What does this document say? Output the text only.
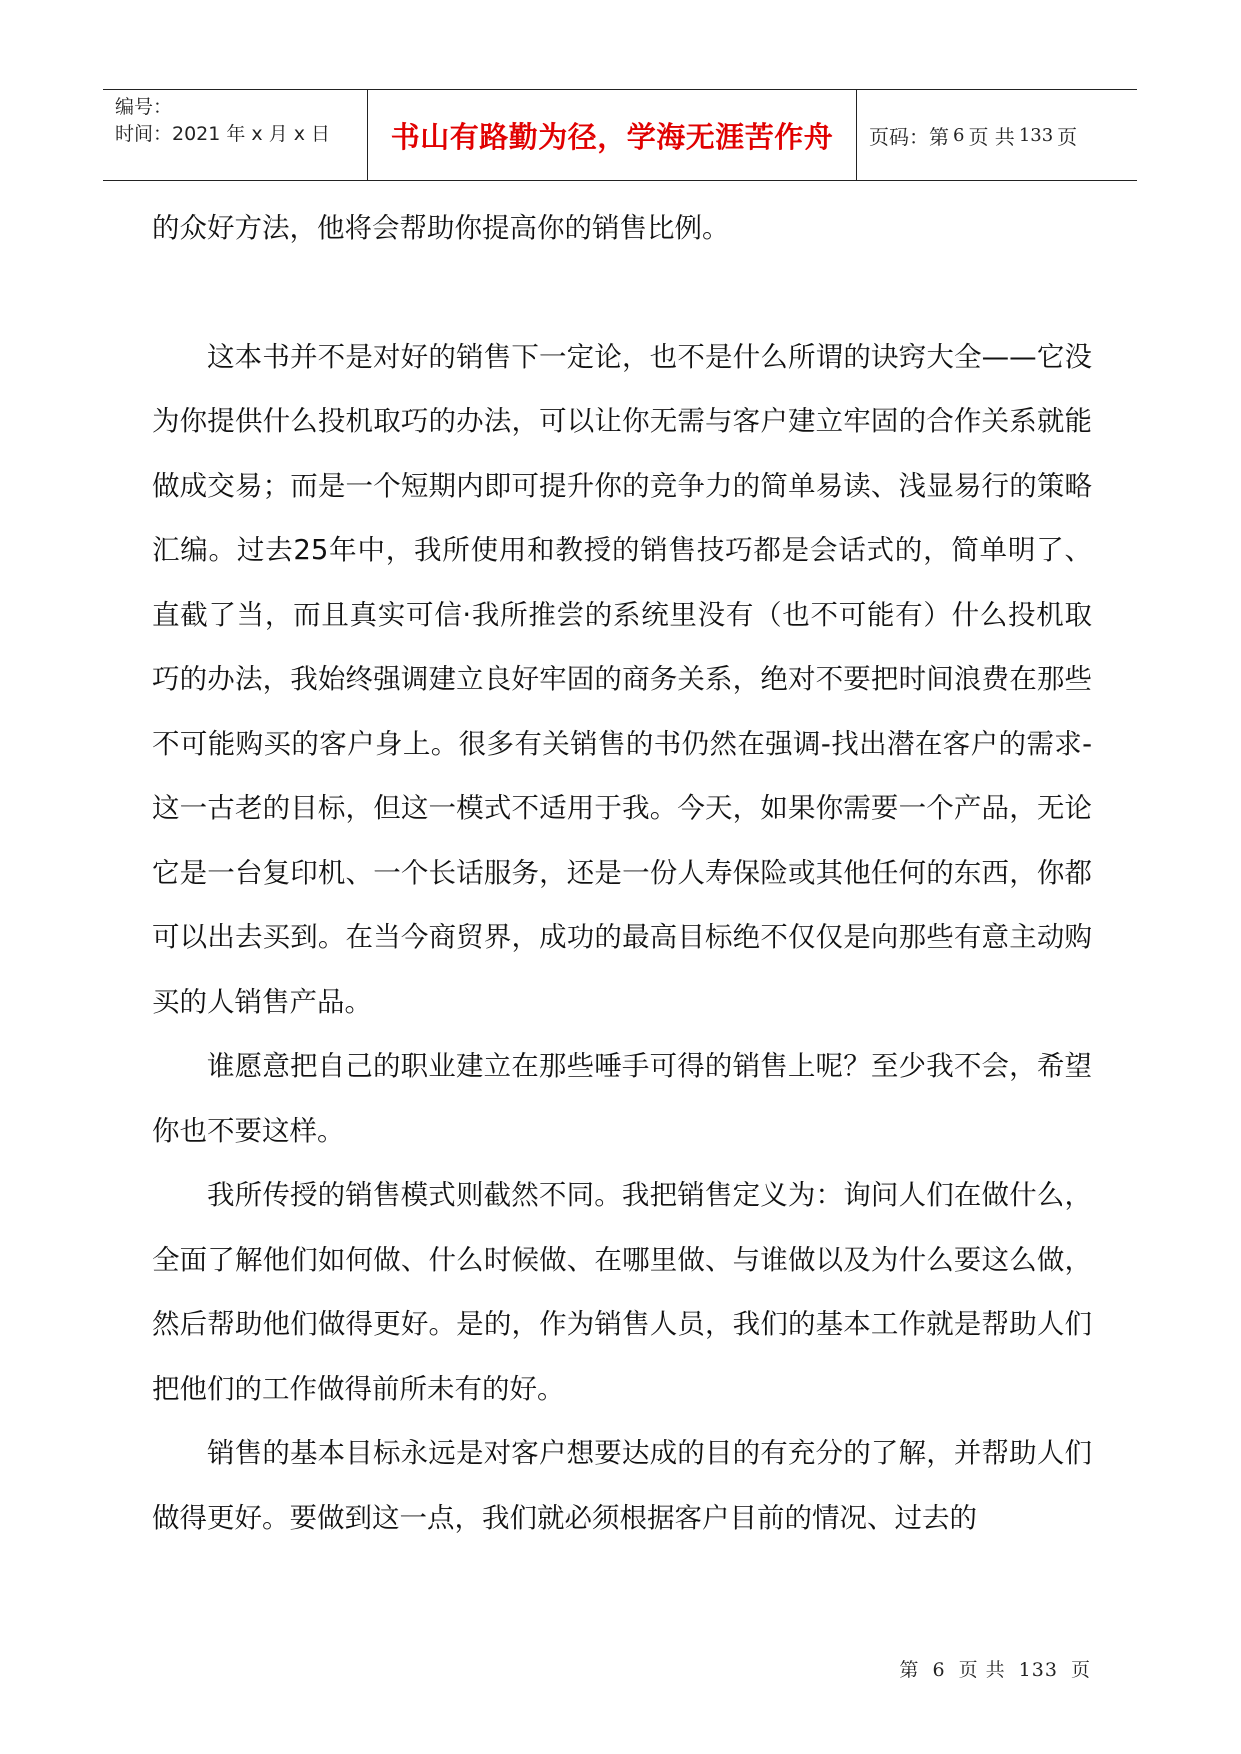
编号：
时间：2021 年 x 月 x 日	书山有路勤为径，学海无涯苦作舟	页码：第 6 页 共 133 页

的众好方法，他将会帮助你提高你的销售比例。

这本书并不是对好的销售下一定论，也不是什么所谓的诀窍大全——它没为你提供什么投机取巧的办法，可以让你无需与客户建立牢固的合作关系就能做成交易；而是一个短期内即可提升你的竞争力的简单易读、浅显易行的策略汇编。过去25年中，我所使用和教授的销售技巧都是会话式的，简单明了、直截了当，而且真实可信·我所推尝的系统里没有（也不可能有）什么投机取巧的办法，我始终强调建立良好牢固的商务关系，绝对不要把时间浪费在那些不可能购买的客户身上。很多有关销售的书仍然在强调-找出潜在客户的需求-这一古老的目标，但这一模式不适用于我。今天，如果你需要一个产品，无论它是一台复印机、一个长话服务，还是一份人寿保险或其他任何的东西，你都可以出去买到。在当今商贸界，成功的最高目标绝不仅仅是向那些有意主动购买的人销售产品。

谁愿意把自己的职业建立在那些唾手可得的销售上呢？至少我不会，希望你也不要这样。

我所传授的销售模式则截然不同。我把销售定义为：询问人们在做什么，全面了解他们如何做、什么时候做、在哪里做、与谁做以及为什么要这么做，然后帮助他们做得更好。是的，作为销售人员，我们的基本工作就是帮助人们把他们的工作做得前所未有的好。

销售的基本目标永远是对客户想要达成的目的有充分的了解，并帮助人们做得更好。要做到这一点，我们就必须根据客户目前的情况、过去的

第 6 页 共 133 页
